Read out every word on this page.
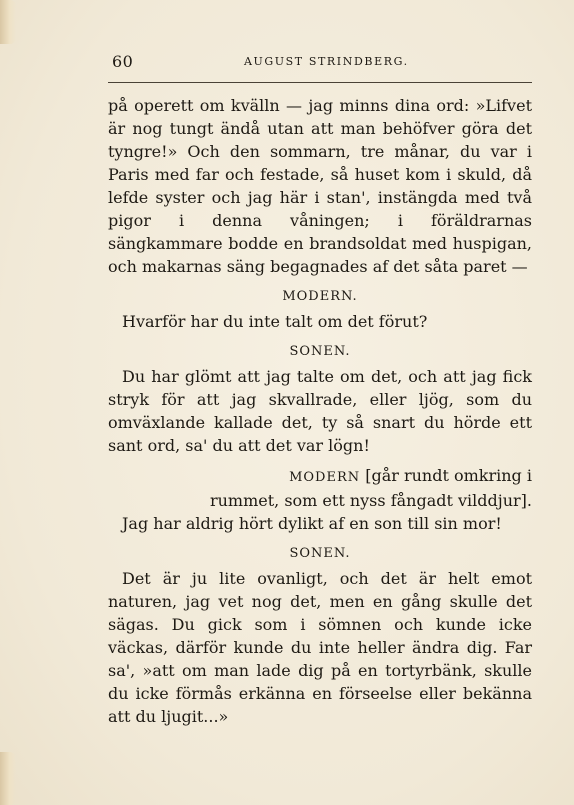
60	AUGUST STRINDBERG.

på operett om kvälln — jag minns dina ord: »Lifvet är nog tungt ändå utan att man behöfver göra det tyngre!» Och den sommarn, tre månar, du var i Paris med far och festade, så huset kom i skuld, då lefde syster och jag här i stan', instängda med två pigor i denna våningen; i föräldrarnas sängkammare bodde en brandsoldat med huspigan, och makarnas säng begagnades af det såta paret —

MODERN.

Hvarför har du inte talt om det förut?

SONEN.

Du har glömt att jag talte om det, och att jag fick stryk för att jag skvallrade, eller ljög, som du omväxlande kallade det, ty så snart du hörde ett sant ord, sa' du att det var lögn!

MODERN [går rundt omkring i
rummet, som ett nyss fångadt vilddjur].

Jag har aldrig hört dylikt af en son till sin mor!

SONEN.

Det är ju lite ovanligt, och det är helt emot naturen, jag vet nog det, men en gång skulle det sägas. Du gick som i sömnen och kunde icke väckas, därför kunde du inte heller ändra dig. Far sa', »att om man lade dig på en tortyrbänk, skulle du icke förmås erkänna en förseelse eller bekänna att du ljugit...»
